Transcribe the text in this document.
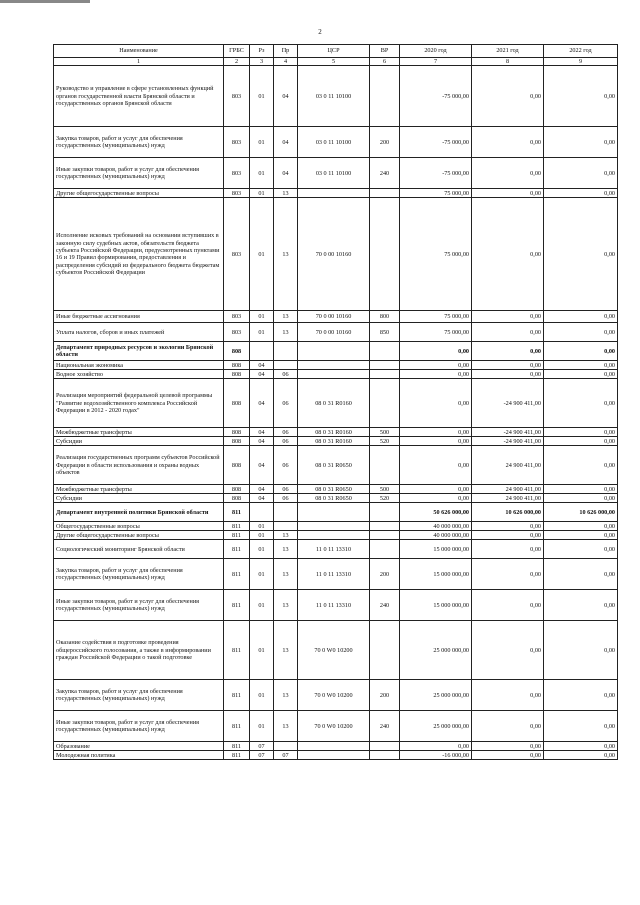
2
Наименование	ГРБС	Рз	Пр	ЦСР	ВР	2020 год	2021 год	2022 год
1	2	3	4	5	6	7	8	9
Руководство и управление в сфере установленных функций органов государственной власти Брянской области и государственных органов Брянской области	803	01	04	03 0 11 10100		-75 000,00	0,00	0,00
Закупка товаров, работ и услуг для обеспечения государственных (муниципальных) нужд	803	01	04	03 0 11 10100	200	-75 000,00	0,00	0,00
Иные закупки товаров, работ и услуг для обеспечения государственных (муниципальных) нужд	803	01	04	03 0 11 10100	240	-75 000,00	0,00	0,00
Другие общегосударственные вопросы	803	01	13			75 000,00	0,00	0,00
Исполнение исковых требований на основании вступивших в законную силу судебных актов, обязательств бюджета субъекта Российской Федерации, предусмотренных пунктами 16 и 19 Правил формирования, предоставления и распределения субсидий из федерального бюджета бюджетам субъектов Российской Федерации	803	01	13	70 0 00 10160		75 000,00	0,00	0,00
Иные бюджетные ассигнования	803	01	13	70 0 00 10160	800	75 000,00	0,00	0,00
Уплата налогов, сборов и иных платежей	803	01	13	70 0 00 10160	850	75 000,00	0,00	0,00
Департамент природных ресурсов и экологии Брянской области	808					0,00	0,00	0,00
Национальная экономика	808	04				0,00	0,00	0,00
Водное хозяйство	808	04	06			0,00	0,00	0,00
Реализация мероприятий федеральной целевой программы "Развитие водохозяйственного комплекса Российской Федерации в 2012 - 2020 годах"	808	04	06	08 0 31 R0160		0,00	-24 900 411,00	0,00
Межбюджетные трансферты	808	04	06	08 0 31 R0160	500	0,00	-24 900 411,00	0,00
Субсидии	808	04	06	08 0 31 R0160	520	0,00	-24 900 411,00	0,00
Реализация государственных программ субъектов Российской Федерации в области использования и охраны водных объектов	808	04	06	08 0 31 R0650		0,00	24 900 411,00	0,00
Межбюджетные трансферты	808	04	06	08 0 31 R0650	500	0,00	24 900 411,00	0,00
Субсидии	808	04	06	08 0 31 R0650	520	0,00	24 900 411,00	0,00
Департамент внутренней политики Брянской области	811					50 626 000,00	10 626 000,00	10 626 000,00
Общегосударственные вопросы	811	01				40 000 000,00	0,00	0,00
Другие общегосударственные вопросы	811	01	13			40 000 000,00	0,00	0,00
Социологический мониторинг Брянской области	811	01	13	11 0 11 13310		15 000 000,00	0,00	0,00
Закупка товаров, работ и услуг для обеспечения государственных (муниципальных) нужд	811	01	13	11 0 11 13310	200	15 000 000,00	0,00	0,00
Иные закупки товаров, работ и услуг для обеспечения государственных (муниципальных) нужд	811	01	13	11 0 11 13310	240	15 000 000,00	0,00	0,00
Оказание содействия в подготовке проведения общероссийского голосования, а также в информировании граждан Российской Федерации о такой подготовке	811	01	13	70 0 W0 10200		25 000 000,00	0,00	0,00
Закупка товаров, работ и услуг для обеспечения государственных (муниципальных) нужд	811	01	13	70 0 W0 10200	200	25 000 000,00	0,00	0,00
Иные закупки товаров, работ и услуг для обеспечения государственных (муниципальных) нужд	811	01	13	70 0 W0 10200	240	25 000 000,00	0,00	0,00
Образование	811	07				0,00	0,00	0,00
Молодежная политика	811	07	07			-16 000,00	0,00	0,00
